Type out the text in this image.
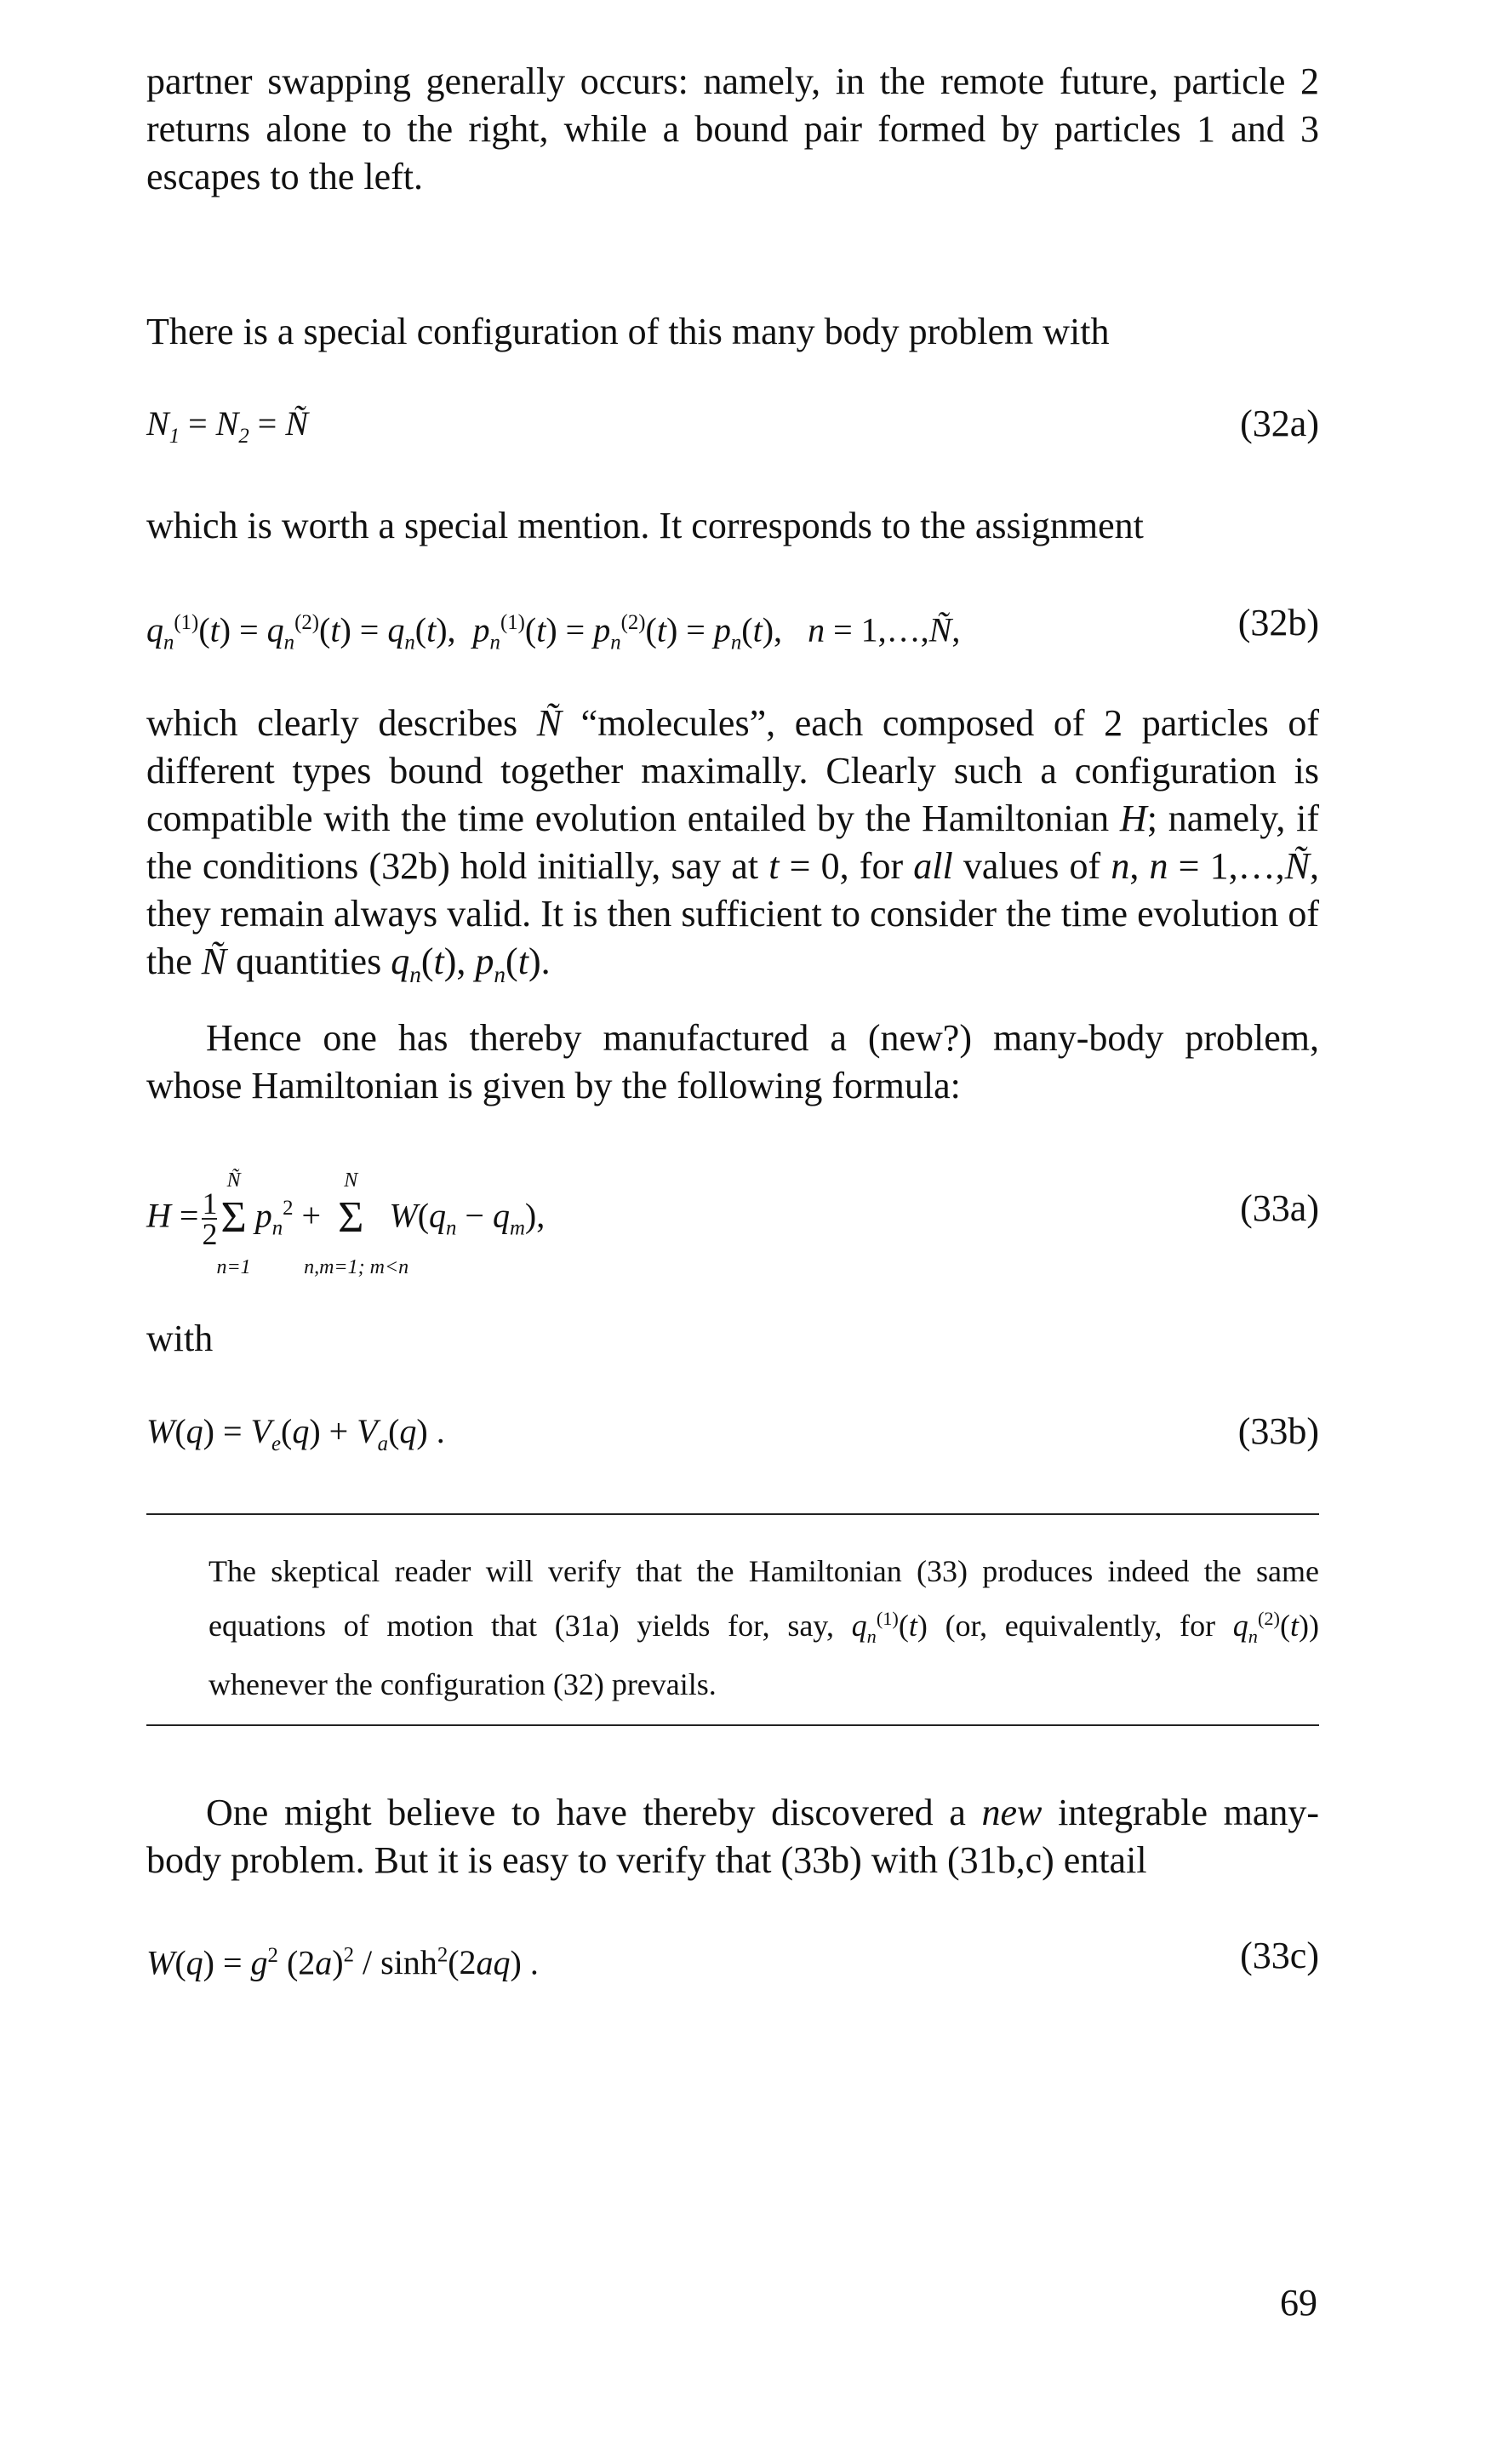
partner swapping generally occurs: namely, in the remote future, particle 2 returns alone to the right, while a bound pair formed by particles 1 and 3 escapes to the left.

There is a special configuration of this many body problem with

$N_1 = N_2$ = Ñ	(32a)

which is worth a special mention. It corresponds to the assignment

$q_n^{(1)}(t) = q_n^{(2)}(t) = q_n(t)$,  $p_n^{(1)}(t) = p_n^{(2)}(t) = p_n(t)$,   n = 1,…,Ñ,	(32b)

which clearly describes Ñ “molecules”, each composed of 2 particles of different types bound together maximally. Clearly such a configuration is compatible with the time evolution entailed by the Hamiltonian H; namely, if the conditions (32b) hold initially, say at t = 0, for all values of n, n = 1,…,Ñ, they remain always valid. It is then sufficient to consider the time evolution of the Ñ quantities $q_n(t)$, $p_n(t)$.

Hence one has thereby manufactured a (new?) many-body problem, whose Hamiltonian is given by the following formula:

$H = \frac{1}{2}$
Ñ
Σ
n=1
$p_n^2$ +
N
Σ
n,m=1; m<n
$W(q_n - q_m)$,	(33a)

with

$W(q) = V_e(q) + V_a(q)$ .	(33b)

The skeptical reader will verify that the Hamiltonian (33) produces indeed the same equations of motion that (31a) yields for, say, $q_n^{(1)}(t)$ (or, equivalently, for $q_n^{(2)}(t)$) whenever the configuration (32) prevails.

One might believe to have thereby discovered a new integrable many-body problem. But it is easy to verify that (33b) with (31b,c) entail

$W(q) = g^2$ $(2a)^2 / \sinh^2(2aq)$ .	(33c)
69
